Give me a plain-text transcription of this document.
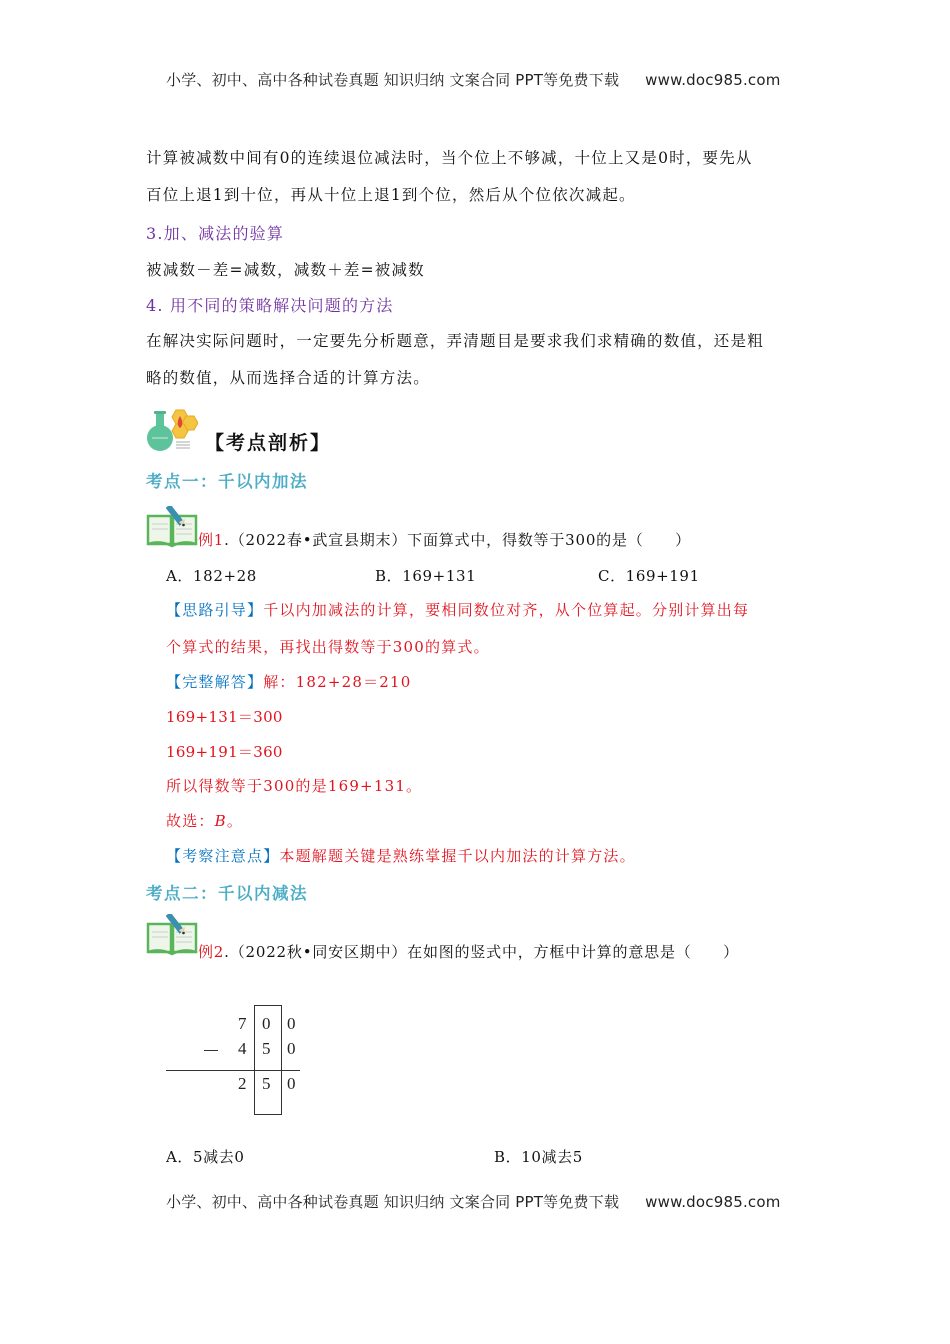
小学、初中、高中各种试卷真题 知识归纳 文案合同 PPT等免费下载 www.doc985.com
计算被减数中间有0的连续退位减法时，当个位上不够减，十位上又是0时，要先从
百位上退1到十位，再从十位上退1到个位，然后从个位依次减起。
3.加、减法的验算
被减数－差=减数，减数＋差=被减数
4. 用不同的策略解决问题的方法
在解决实际问题时，一定要先分析题意，弄清题目是要求我们求精确的数值，还是粗
略的数值，从而选择合适的计算方法。
【考点剖析】
考点一：千以内加法
例1.（2022春•武宣县期末）下面算式中，得数等于300的是（　　）
A．182+28	B．169+131	C．169+191
【思路引导】千以内加减法的计算，要相同数位对齐，从个位算起。分别计算出每
个算式的结果，再找出得数等于300的算式。
【完整解答】解：182+28＝210
169+131＝300
169+191＝360
所以得数等于300的是169+131。
故选：B。
【考察注意点】本题解题关键是熟练掌握千以内加法的计算方法。
考点二：千以内减法
例2.（2022秋•同安区期中）在如图的竖式中，方框中计算的意思是（　　）
7 0 0
4 5 0
2 5 0
A．5减去0	B．10减去5
小学、初中、高中各种试卷真题 知识归纳 文案合同 PPT等免费下载 www.doc985.com
